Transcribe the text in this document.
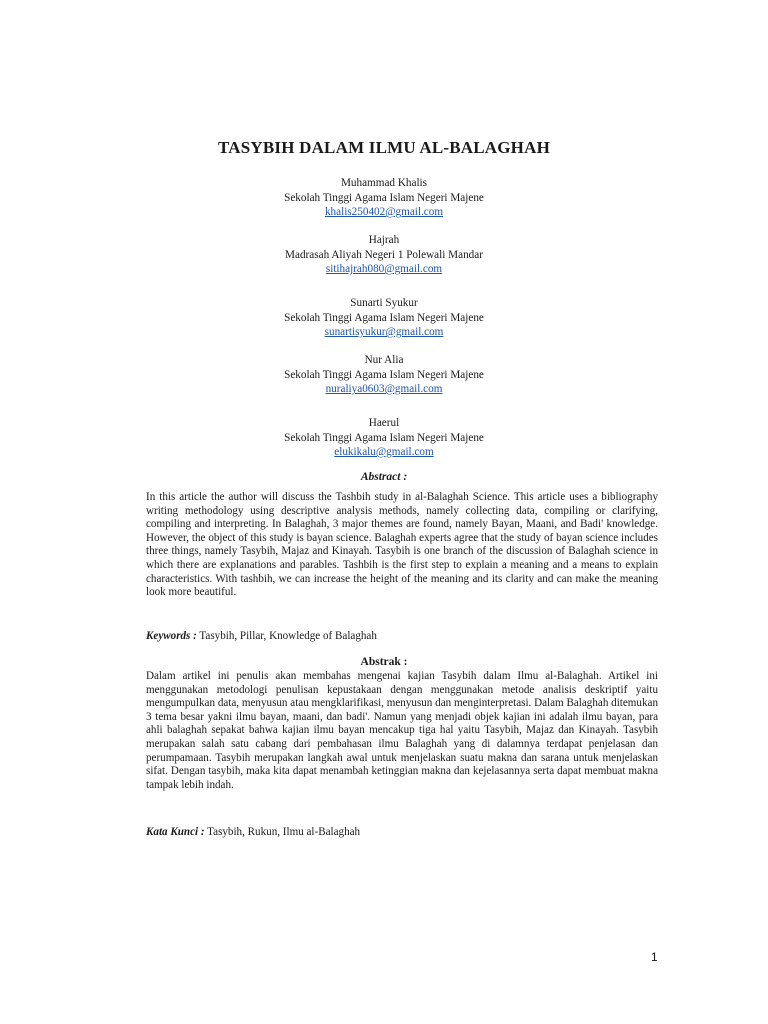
TASYBIH DALAM ILMU AL-BALAGHAH
Muhammad Khalis
Sekolah Tinggi Agama Islam Negeri Majene
khalis250402@gmail.com
Hajrah
Madrasah Aliyah Negeri 1 Polewali Mandar
sitihajrah080@gmail.com
Sunarti Syukur
Sekolah Tinggi Agama Islam Negeri Majene
sunartisyukur@gmail.com
Nur Alia
Sekolah Tinggi Agama Islam Negeri Majene
nuraliya0603@gmail.com
Haerul
Sekolah Tinggi Agama Islam Negeri Majene
elukikalu@gmail.com
Abstract :
In this article the author will discuss the Tashbih study in al-Balaghah Science. This article uses a bibliography writing methodology using descriptive analysis methods, namely collecting data, compiling or clarifying, compiling and interpreting. In Balaghah, 3 major themes are found, namely Bayan, Maani, and Badi' knowledge. However, the object of this study is bayan science. Balaghah experts agree that the study of bayan science includes three things, namely Tasybih, Majaz and Kinayah. Tasybih is one branch of the discussion of Balaghah science in which there are explanations and parables. Tashbih is the first step to explain a meaning and a means to explain characteristics. With tashbih, we can increase the height of the meaning and its clarity and can make the meaning look more beautiful.
Keywords : Tasybih, Pillar, Knowledge of Balaghah
Abstrak :
Dalam artikel ini penulis akan membahas mengenai kajian Tasybih dalam Ilmu al-Balaghah. Artikel ini menggunakan metodologi penulisan kepustakaan dengan menggunakan metode analisis deskriptif yaitu mengumpulkan data, menyusun atau mengklarifikasi, menyusun dan menginterpretasi. Dalam Balaghah ditemukan 3 tema besar yakni ilmu bayan, maani, dan badi'. Namun yang menjadi objek kajian ini adalah ilmu bayan, para ahli balaghah sepakat bahwa kajian ilmu bayan mencakup tiga hal yaitu Tasybih, Majaz dan Kinayah. Tasybih merupakan salah satu cabang dari pembahasan ilmu Balaghah yang di dalamnya terdapat penjelasan dan perumpamaan. Tasybih merupakan langkah awal untuk menjelaskan suatu makna dan sarana untuk menjelaskan sifat. Dengan tasybih, maka kita dapat menambah ketinggian makna dan kejelasannya serta dapat membuat makna tampak lebih indah.
Kata Kunci : Tasybih, Rukun, Ilmu al-Balaghah
1
